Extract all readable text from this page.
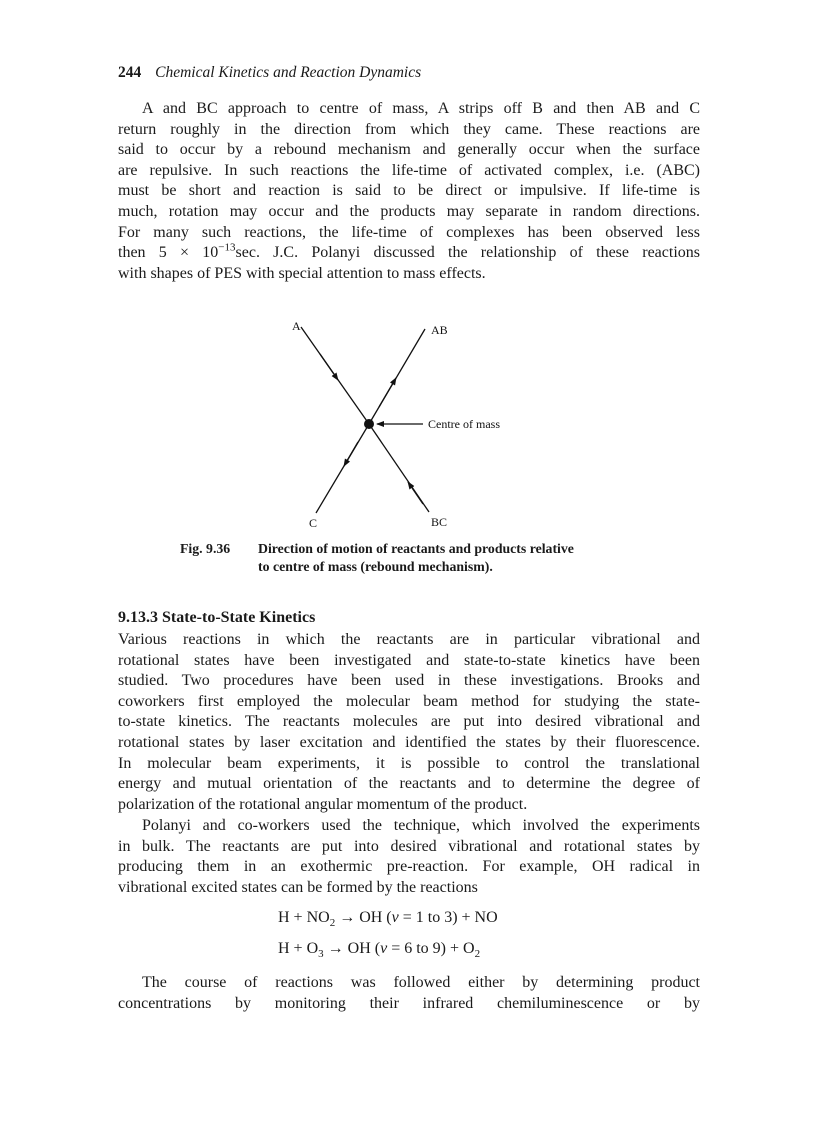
244 Chemical Kinetics and Reaction Dynamics
A and BC approach to centre of mass, A strips off B and then AB and C
return roughly in the direction from which they came. These reactions are
said to occur by a rebound mechanism and generally occur when the surface
are repulsive. In such reactions the life-time of activated complex, i.e. (ABC)
must be short and reaction is said to be direct or impulsive. If life-time is
much, rotation may occur and the products may separate in random directions.
For many such reactions, the life-time of complexes has been observed less
then $5 \times 10^{-13}\sec$. J.C. Polanyi discussed the relationship of these reactions
with shapes of PES with special attention to mass effects.
A	AB
C	BC
Centre of mass
Fig. 9.36 Direction of motion of reactants and products relative
to centre of mass (rebound mechanism).
9.13.3 State-to-State Kinetics
Various reactions in which the reactants are in particular vibrational and
rotational states have been investigated and state-to-state kinetics have been
studied. Two procedures have been used in these investigations. Brooks and
coworkers first employed the molecular beam method for studying the state-
to-state kinetics. The reactants molecules are put into desired vibrational and
rotational states by laser excitation and identified the states by their fluorescence.
In molecular beam experiments, it is possible to control the translational
energy and mutual orientation of the reactants and to determine the degree of
polarization of the rotational angular momentum of the product.
Polanyi and co-workers used the technique, which involved the experiments
in bulk. The reactants are put into desired vibrational and rotational states by
producing them in an exothermic pre-reaction. For example, OH radical in
vibrational excited states can be formed by the reactions
$H + NO_2$ → OH (v = 1 to 3) + NO
$H + O_3$ → OH (v = 6 to $9) + O_2$
The course of reactions was followed either by determining product
concentrations by monitoring their infrared chemiluminescence or by
